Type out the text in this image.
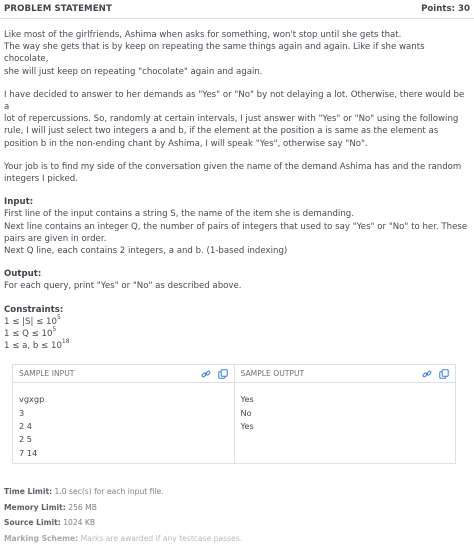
PROBLEM STATEMENT	Points: 30

Like most of the girlfriends, Ashima when asks for something, won't stop until she gets that.

The way she gets that is by keep on repeating the same things again and again. Like if she wants chocolate,

she will just keep on repeating "chocolate" again and again.

I have decided to answer to her demands as "Yes" or "No" by not delaying a lot. Otherwise, there would be a

lot of repercussions. So, randomly at certain intervals, I just answer with "Yes" or "No" using the following

rule, I will just select two integers a and b, if the element at the position a is same as the element as

position b in the non-ending chant by Ashima, I will speak "Yes", otherwise say "No".

Your job is to find my side of the conversation given the name of the demand Ashima has and the random

integers I picked.

Input:

First line of the input contains a string S, the name of the item she is demanding.

Next line contains an integer Q, the number of pairs of integers that used to say "Yes" or "No" to her. These

pairs are given in order.

Next Q line, each contains 2 integers, a and b. (1-based indexing)

Output:

For each query, print "Yes" or "No" as described above.

Constraints:

$1 \le |S| \le 10^5$

$1 \le Q \le 10^5$

1 ≤ a, $b \le 10^{18}$

SAMPLE INPUT
vgxgp
3
2 4
2 5
7 14
SAMPLE OUTPUT
Yes
No
Yes
Time Limit: 1.0 sec(s) for each input file.
Memory Limit: 256 MB
Source Limit: 1024 KB
Marking Scheme: Marks are awarded if any testcase passes.
